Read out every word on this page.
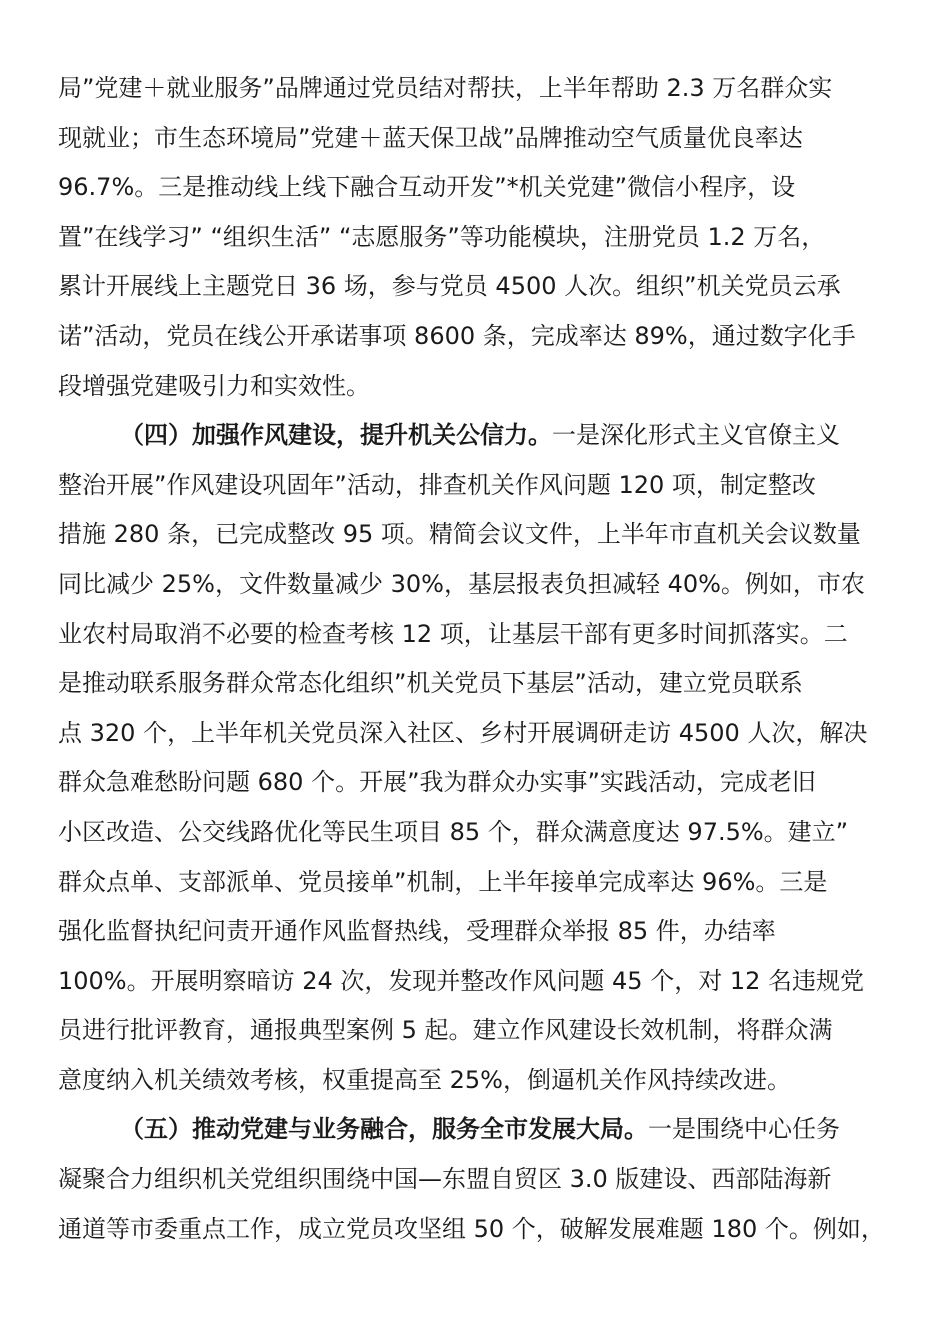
局”党建＋就业服务”品牌通过党员结对帮扶，上半年帮助 2.3 万名群众实
现就业；市生态环境局”党建＋蓝天保卫战”品牌推动空气质量优良率达
96.7%。三是推动线上线下融合互动开发”*机关党建”微信小程序，设
置”在线学习” “组织生活” “志愿服务”等功能模块，注册党员 1.2 万名，
累计开展线上主题党日 36 场，参与党员 4500 人次。组织”机关党员云承
诺”活动，党员在线公开承诺事项 8600 条，完成率达 89%，通过数字化手
段增强党建吸引力和实效性。
（四）加强作风建设，提升机关公信力。一是深化形式主义官僚主义
整治开展”作风建设巩固年”活动，排查机关作风问题 120 项，制定整改
措施 280 条，已完成整改 95 项。精简会议文件，上半年市直机关会议数量
同比减少 25%，文件数量减少 30%，基层报表负担减轻 40%。例如，市农
业农村局取消不必要的检查考核 12 项，让基层干部有更多时间抓落实。二
是推动联系服务群众常态化组织”机关党员下基层”活动，建立党员联系
点 320 个，上半年机关党员深入社区、乡村开展调研走访 4500 人次，解决
群众急难愁盼问题 680 个。开展”我为群众办实事”实践活动，完成老旧
小区改造、公交线路优化等民生项目 85 个，群众满意度达 97.5%。建立”
群众点单、支部派单、党员接单”机制，上半年接单完成率达 96%。三是
强化监督执纪问责开通作风监督热线，受理群众举报 85 件，办结率
100%。开展明察暗访 24 次，发现并整改作风问题 45 个，对 12 名违规党
员进行批评教育，通报典型案例 5 起。建立作风建设长效机制，将群众满
意度纳入机关绩效考核，权重提高至 25%，倒逼机关作风持续改进。
（五）推动党建与业务融合，服务全市发展大局。一是围绕中心任务
凝聚合力组织机关党组织围绕中国—东盟自贸区 3.0 版建设、西部陆海新
通道等市委重点工作，成立党员攻坚组 50 个，破解发展难题 180 个。例如，
